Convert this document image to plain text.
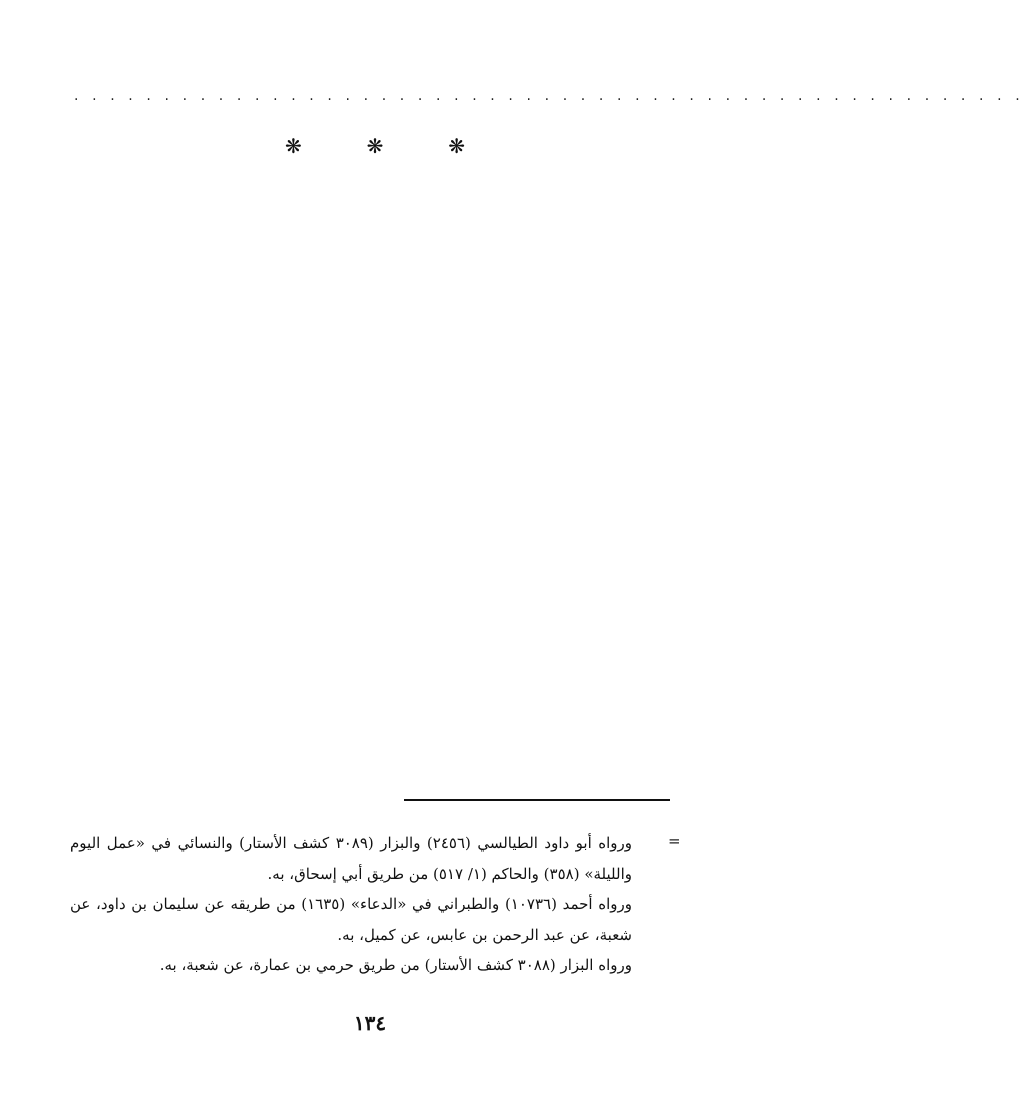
. . . . . . . . . . . . . . . . . . . . . . . . . . . . . . . . . . . . . . . . . . . . . . . . . . . . .
❋	❋	❋
=

ورواه أبو داود الطيالسي (٢٤٥٦) والبزار (٣٠٨٩ كشف الأستار) والنسائي في «عمل اليوم والليلة» (٣٥٨) والحاكم (١/ ٥١٧) من طريق أبي إسحاق، به.

ورواه أحمد (١٠٧٣٦) والطبراني في «الدعاء» (١٦٣٥) من طريقه عن سليمان بن داود، عن شعبة، عن عبد الرحمن بن عابس، عن كميل، به.

ورواه البزار (٣٠٨٨ كشف الأستار) من طريق حرمي بن عمارة، عن شعبة، به.

١٣٤
